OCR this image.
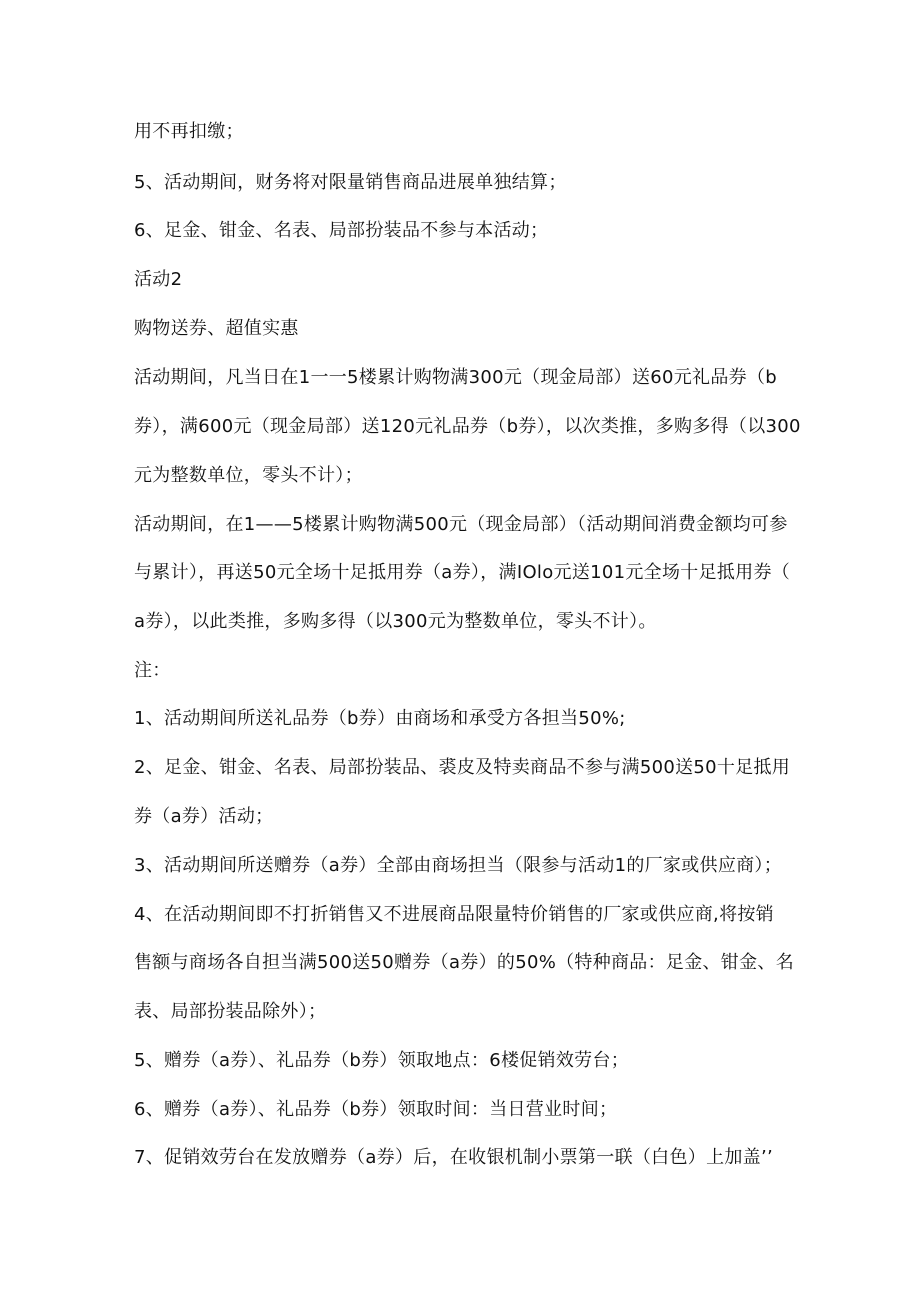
用不再扣缴；
5、活动期间，财务将对限量销售商品进展单独结算；
6、足金、钳金、名表、局部扮装品不参与本活动；
活动2
购物送券、超值实惠
活动期间，凡当日在1一一5楼累计购物满300元（现金局部）送60元礼品券（b
券），满600元（现金局部）送120元礼品券（b券），以次类推，多购多得（以300
元为整数单位，零头不计）；
活动期间，在1——5楼累计购物满500元（现金局部）（活动期间消费金额均可参
与累计），再送50元全场十足抵用券（a券），满IOlo元送101元全场十足抵用券（
a券），以此类推，多购多得（以300元为整数单位，零头不计）。
注：
1、活动期间所送礼品券（b券）由商场和承受方各担当50%;
2、足金、钳金、名表、局部扮装品、裘皮及特卖商品不参与满500送50十足抵用
券（a券）活动；
3、活动期间所送赠券（a券）全部由商场担当（限参与活动1的厂家或供应商）；
4、在活动期间即不打折销售又不进展商品限量特价销售的厂家或供应商,将按销
售额与商场各自担当满500送50赠券（a券）的50%（特种商品：足金、钳金、名
表、局部扮装品除外）；
5、赠券（a券）、礼品券（b券）领取地点：6楼促销效劳台；
6、赠券（a券）、礼品券（b券）领取时间：当日营业时间；
7、促销效劳台在发放赠券（a券）后，在收银机制小票第一联（白色）上加盖’’
